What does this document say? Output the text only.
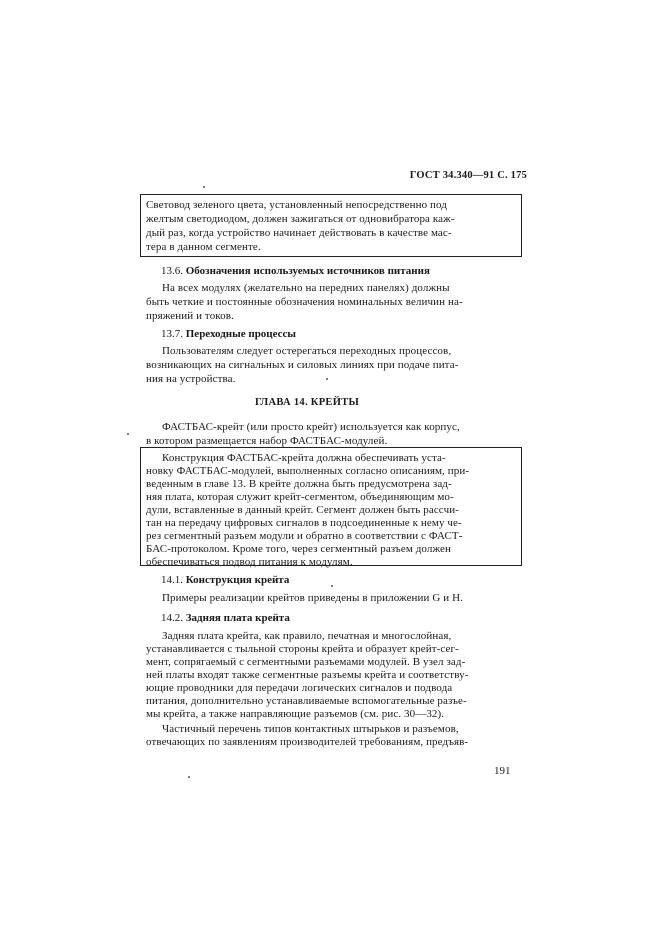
ГОСТ 34.340—91 С. 175
Световод зеленого цвета, установленный непосредственно под
желтым светодиодом, должен зажигаться от одновибратора каж-
дый раз, когда устройство начинает действовать в качестве мас-
тера в данном сегменте.
13.6. Обозначения используемых источников питания
На всех модулях (желательно на передних панелях) должны
быть четкие и постоянные обозначения номинальных величин на-
пряжений и токов.
13.7. Переходные процессы
Пользователям следует остерегаться переходных процессов,
возникающих на сигнальных и силовых линиях при подаче пита-
ния на устройства.
ГЛАВА 14. КРЕЙТЫ
ФАСТБАС-крейт (или просто крейт) используется как корпус,
в котором размещается набор ФАСТБАС-модулей.
Конструкция ФАСТБАС-крейта должна обеспечивать уста-
новку ФАСТБАС-модулей, выполненных согласно описаниям, при-
веденным в главе 13. В крейте должна быть предусмотрена зад-
няя плата, которая служит крейт-сегментом, объединяющим мо-
дули, вставленные в данный крейт. Сегмент должен быть рассчи-
тан на передачу цифровых сигналов в подсоединенные к нему че-
рез сегментный разъем модули и обратно в соответствии с ФАСТ-
БАС-протоколом. Кроме того, через сегментный разъем должен
обеспечиваться подвод питания к модулям.
14.1. Конструкция крейта
Примеры реализации крейтов приведены в приложении G и H.
14.2. Задняя плата крейта
Задняя плата крейта, как правило, печатная и многослойная,
устанавливается с тыльной стороны крейта и образует крейт-сег-
мент, сопрягаемый с сегментными разъемами модулей. В узел зад-
ней платы входят также сегментные разъемы крейта и соответству-
ющие проводники для передачи логических сигналов и подвода
питания, дополнительно устанавливаемые вспомогательные разъе-
мы крейта, а также направляющие разъемов (см. рис. 30—32).
Частичный перечень типов контактных штырьков и разъемов,
отвечающих по заявлениям производителей требованиям, предъяв-
191
